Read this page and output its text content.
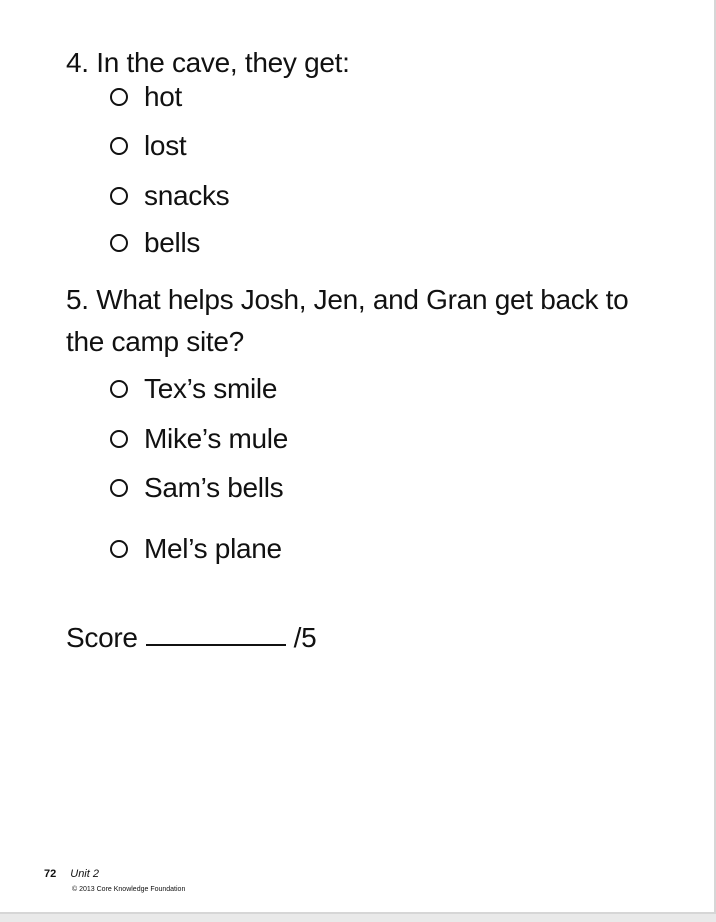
4. In the cave, they get:

hot
lost
snacks
bells

5. What helps Josh, Jen, and Gran get back to the camp site?

Tex’s smile
Mike’s mule
Sam’s bells
Mel’s plane
Score	/5
72 Unit 2
© 2013 Core Knowledge Foundation
